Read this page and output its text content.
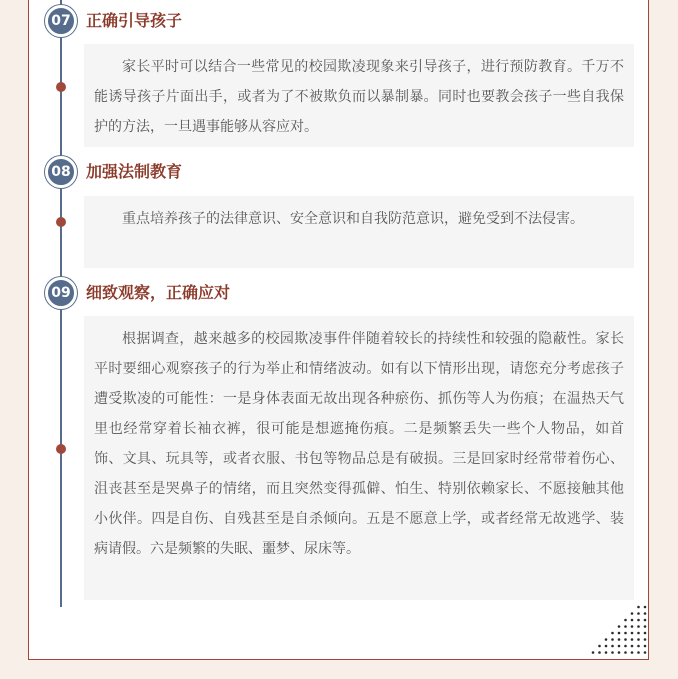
07 正确引导孩子

家长平时可以结合一些常见的校园欺凌现象来引导孩子，进行预防教育。千万不能诱导孩子片面出手，或者为了不被欺负而以暴制暴。同时也要教会孩子一些自我保护的方法，一旦遇事能够从容应对。

08 加强法制教育

重点培养孩子的法律意识、安全意识和自我防范意识，避免受到不法侵害。

09 细致观察，正确应对

根据调查，越来越多的校园欺凌事件伴随着较长的持续性和较强的隐蔽性。家长平时要细心观察孩子的行为举止和情绪波动。如有以下情形出现，请您充分考虑孩子遭受欺凌的可能性：一是身体表面无故出现各种瘀伤、抓伤等人为伤痕；在温热天气里也经常穿着长袖衣裤，很可能是想遮掩伤痕。二是频繁丢失一些个人物品，如首饰、文具、玩具等，或者衣服、书包等物品总是有破损。三是回家时经常带着伤心、沮丧甚至是哭鼻子的情绪，而且突然变得孤僻、怕生、特别依赖家长、不愿接触其他小伙伴。四是自伤、自残甚至是自杀倾向。五是不愿意上学，或者经常无故逃学、装病请假。六是频繁的失眠、噩梦、尿床等。
